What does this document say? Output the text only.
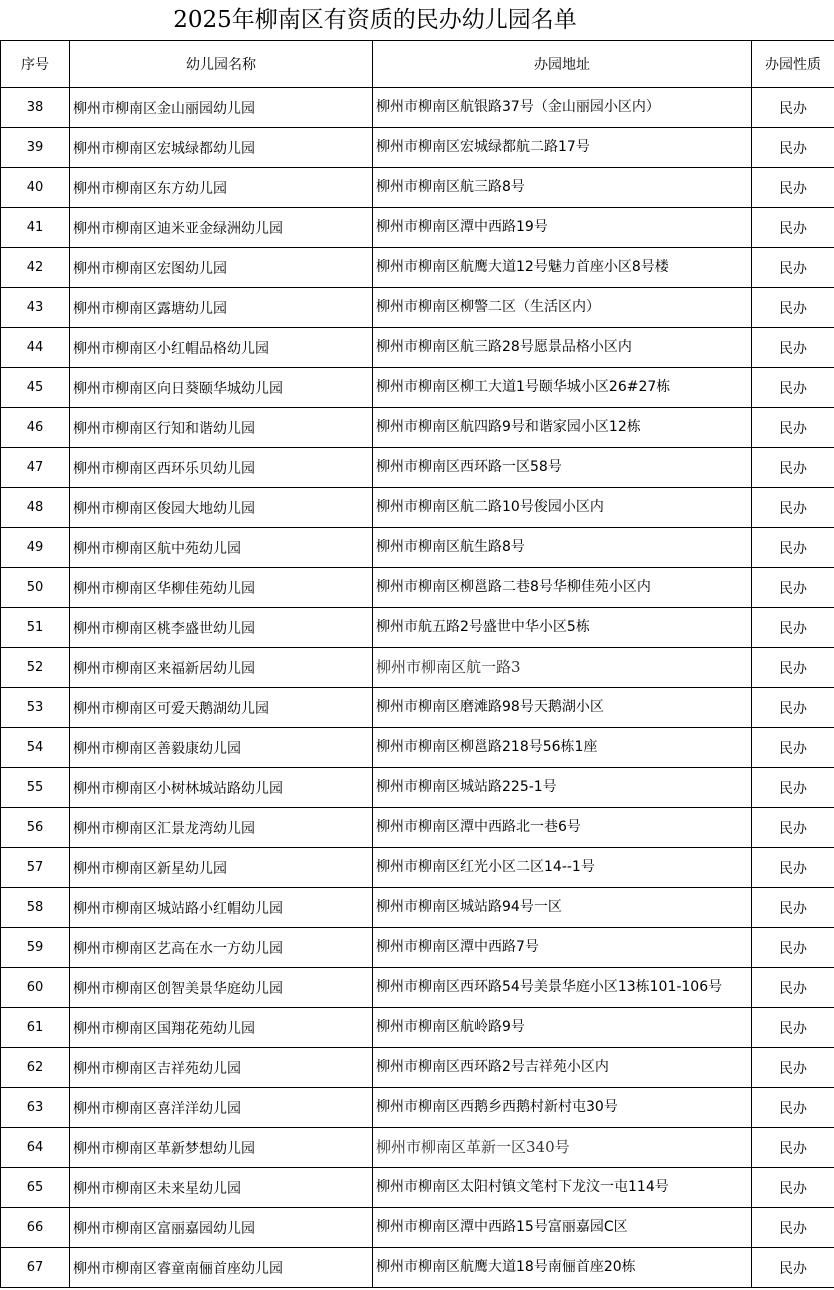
2025年柳南区有资质的民办幼儿园名单
序号	幼儿园名称	办园地址	办园性质
38	柳州市柳南区金山丽园幼儿园	柳州市柳南区航银路37号（金山丽园小区内）	民办
39	柳州市柳南区宏城绿都幼儿园	柳州市柳南区宏城绿都航二路17号	民办
40	柳州市柳南区东方幼儿园	柳州市柳南区航三路8号	民办
41	柳州市柳南区迪米亚金绿洲幼儿园	柳州市柳南区潭中西路19号	民办
42	柳州市柳南区宏图幼儿园	柳州市柳南区航鹰大道12号魅力首座小区8号楼	民办
43	柳州市柳南区露塘幼儿园	柳州市柳南区柳警二区（生活区内）	民办
44	柳州市柳南区小红帽品格幼儿园	柳州市柳南区航三路28号愿景品格小区内	民办
45	柳州市柳南区向日葵颐华城幼儿园	柳州市柳南区柳工大道1号颐华城小区26#27栋	民办
46	柳州市柳南区行知和谐幼儿园	柳州市柳南区航四路9号和谐家园小区12栋	民办
47	柳州市柳南区西环乐贝幼儿园	柳州市柳南区西环路一区58号	民办
48	柳州市柳南区俊园大地幼儿园	柳州市柳南区航二路10号俊园小区内	民办
49	柳州市柳南区航中苑幼儿园	柳州市柳南区航生路8号	民办
50	柳州市柳南区华柳佳苑幼儿园	柳州市柳南区柳邕路二巷8号华柳佳苑小区内	民办
51	柳州市柳南区桃李盛世幼儿园	柳州市航五路2号盛世中华小区5栋	民办
52	柳州市柳南区来福新居幼儿园	柳州市柳南区航一路3	民办
53	柳州市柳南区可爱天鹅湖幼儿园	柳州市柳南区磨滩路98号天鹅湖小区	民办
54	柳州市柳南区善毅康幼儿园	柳州市柳南区柳邕路218号56栋1座	民办
55	柳州市柳南区小树林城站路幼儿园	柳州市柳南区城站路225-1号	民办
56	柳州市柳南区汇景龙湾幼儿园	柳州市柳南区潭中西路北一巷6号	民办
57	柳州市柳南区新星幼儿园	柳州市柳南区红光小区二区14--1号	民办
58	柳州市柳南区城站路小红帽幼儿园	柳州市柳南区城站路94号一区	民办
59	柳州市柳南区艺高在水一方幼儿园	柳州市柳南区潭中西路7号	民办
60	柳州市柳南区创智美景华庭幼儿园	柳州市柳南区西环路54号美景华庭小区13栋101-106号	民办
61	柳州市柳南区国翔花苑幼儿园	柳州市柳南区航岭路9号	民办
62	柳州市柳南区吉祥苑幼儿园	柳州市柳南区西环路2号吉祥苑小区内	民办
63	柳州市柳南区喜洋洋幼儿园	柳州市柳南区西鹅乡西鹅村新村屯30号	民办
64	柳州市柳南区革新梦想幼儿园	柳州市柳南区革新一区340号	民办
65	柳州市柳南区未来星幼儿园	柳州市柳南区太阳村镇文笔村下龙汶一屯114号	民办
66	柳州市柳南区富丽嘉园幼儿园	柳州市柳南区潭中西路15号富丽嘉园C区	民办
67	柳州市柳南区睿童南俪首座幼儿园	柳州市柳南区航鹰大道18号南俪首座20栋	民办
